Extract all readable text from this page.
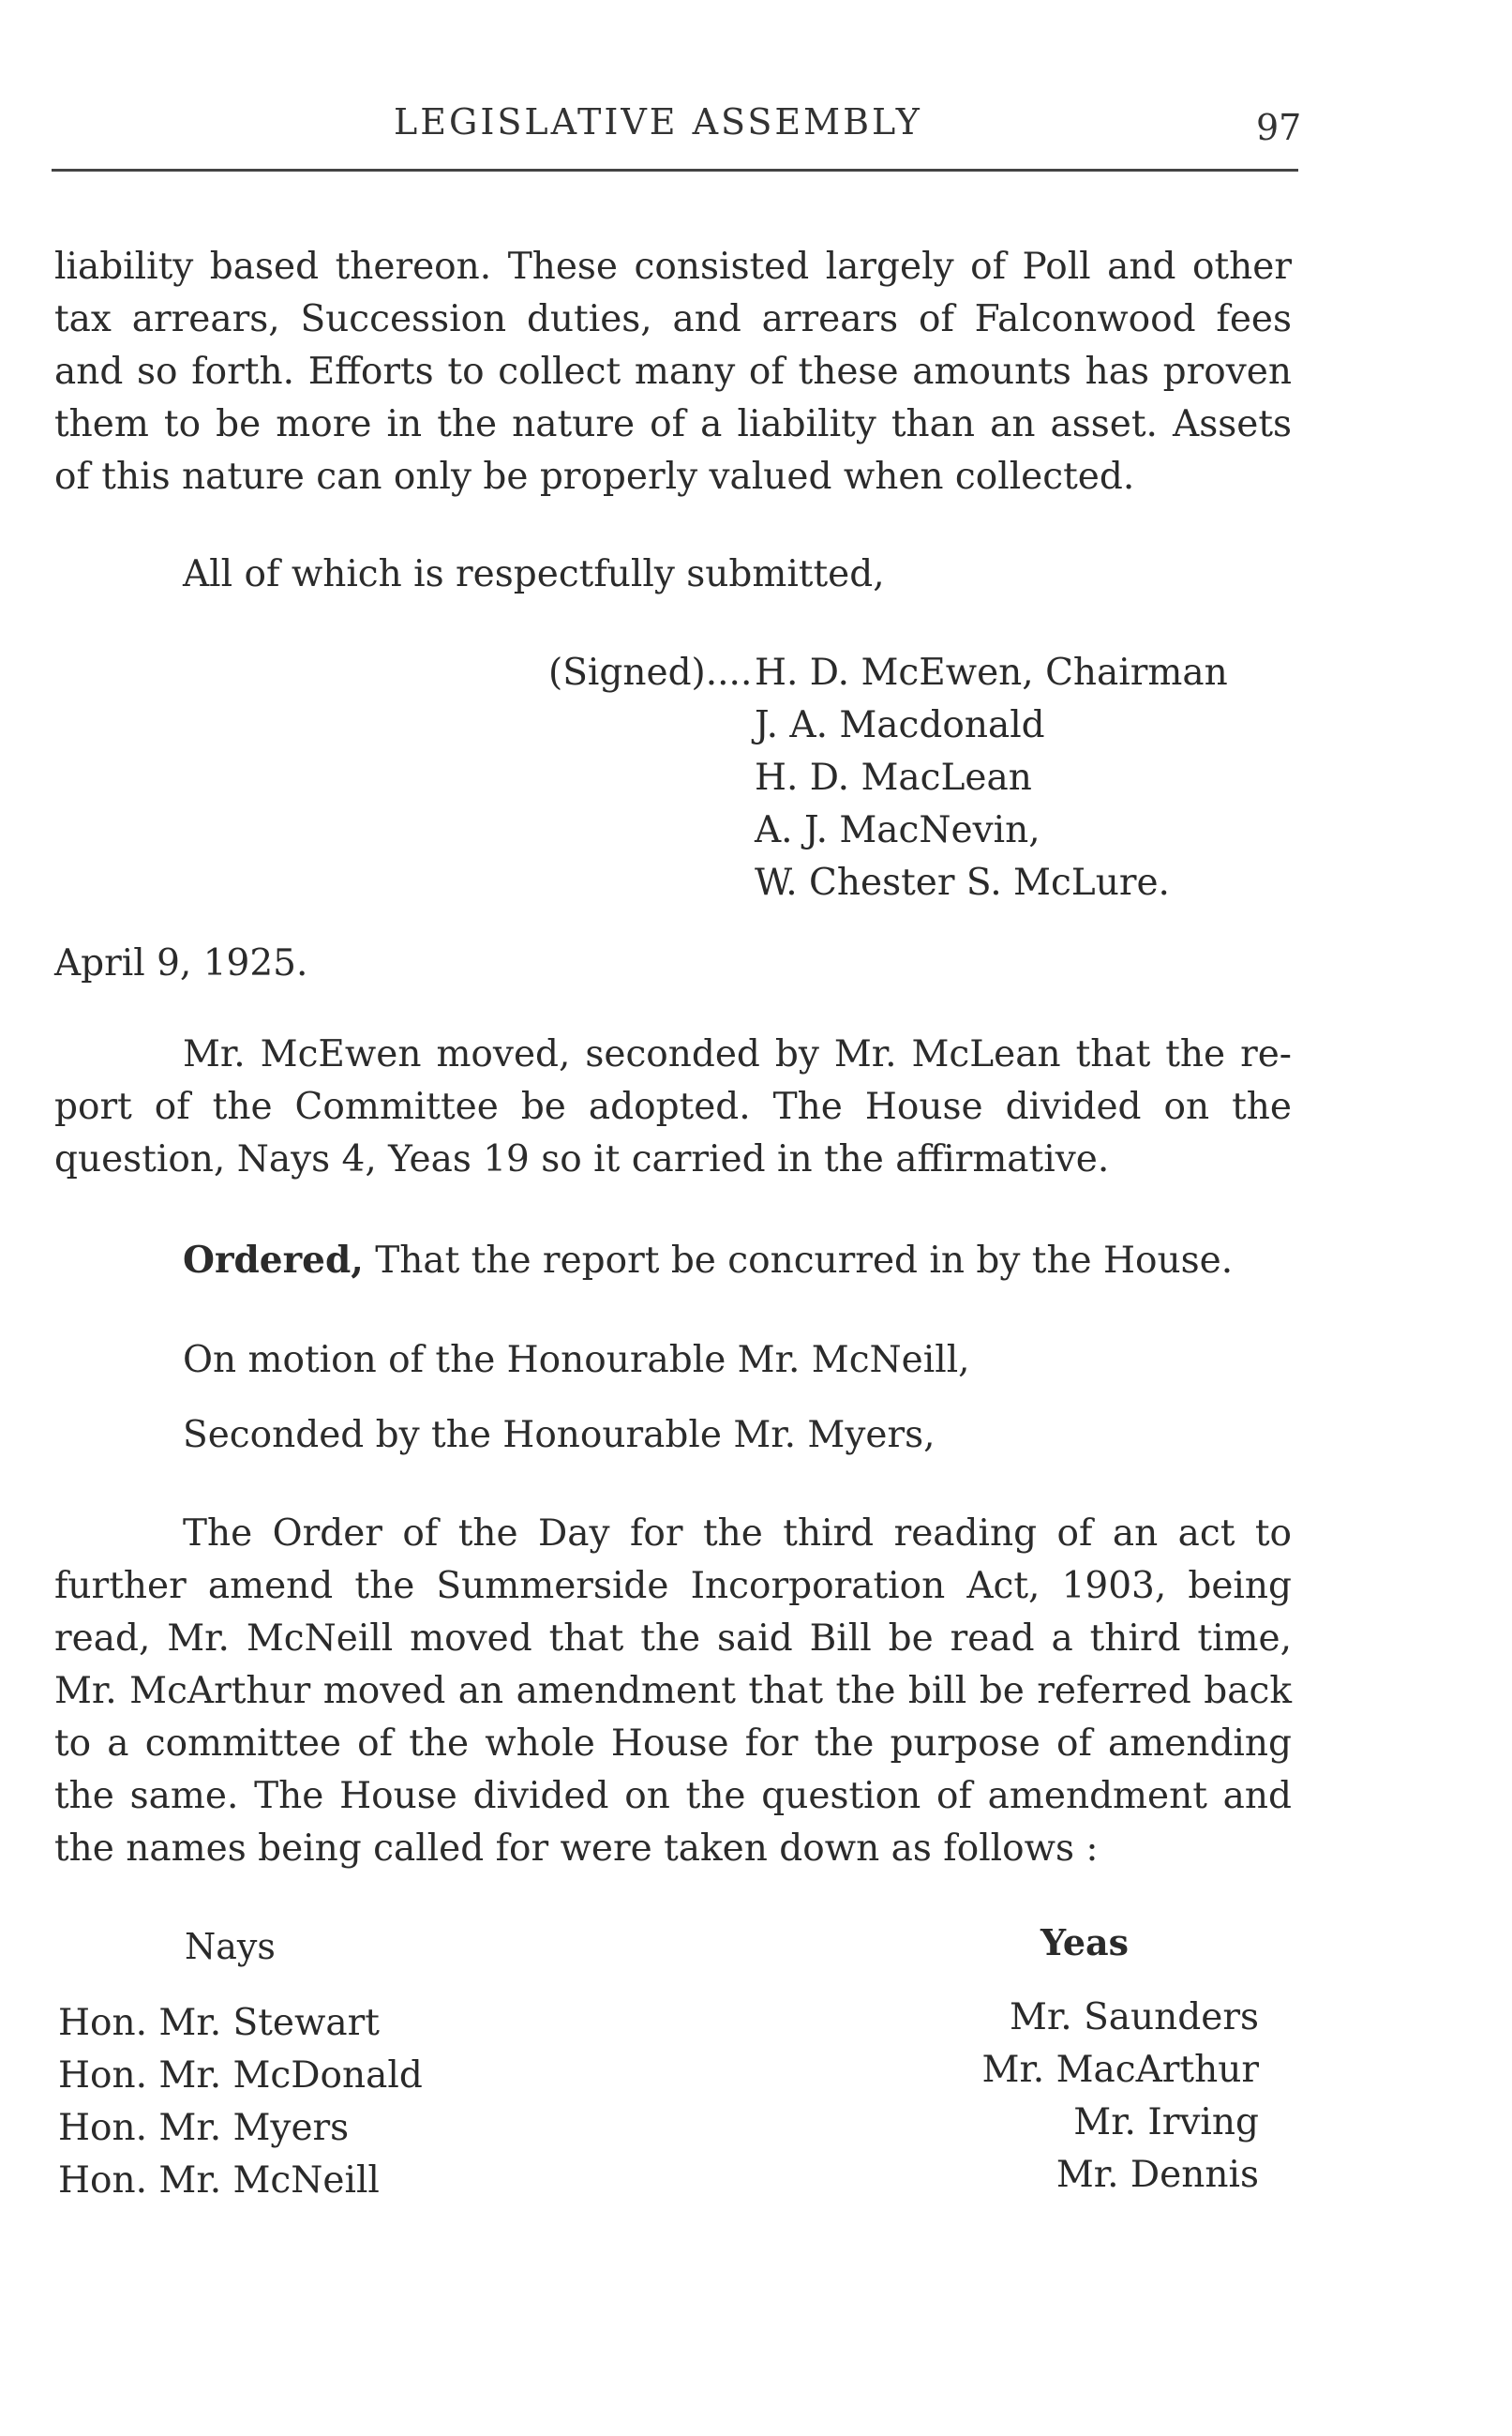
LEGISLATIVE ASSEMBLY	97
liability based thereon. These consisted largely of Poll and other
tax arrears, Succession duties, and arrears of Falconwood fees
and so forth. Efforts to collect many of these amounts has proven
them to be more in the nature of a liability than an asset. Assets
of this nature can only be properly valued when collected.
All of which is respectfully submitted,
(Signed).... H. D. McEwen, Chairman
J. A. Macdonald
H. D. MacLean
A. J. MacNevin,
W. Chester S. McLure.
April 9, 1925.
Mr. McEwen moved, seconded by Mr. McLean that the re-
port of the Committee be adopted. The House divided on the
question, Nays 4, Yeas 19 so it carried in the affirmative.
Ordered, That the report be concurred in by the House.
On motion of the Honourable Mr. McNeill,
Seconded by the Honourable Mr. Myers,
The Order of the Day for the third reading of an act to
further amend the Summerside Incorporation Act, 1903, being
read, Mr. McNeill moved that the said Bill be read a third time,
Mr. McArthur moved an amendment that the bill be referred back
to a committee of the whole House for the purpose of amending
the same. The House divided on the question of amendment and
the names being called for were taken down as follows :
Nays	Yeas
Hon. Mr. Stewart
Hon. Mr. McDonald
Hon. Mr. Myers
Hon. Mr. McNeill
Mr. Saunders
Mr. MacArthur
Mr. Irving
Mr. Dennis
